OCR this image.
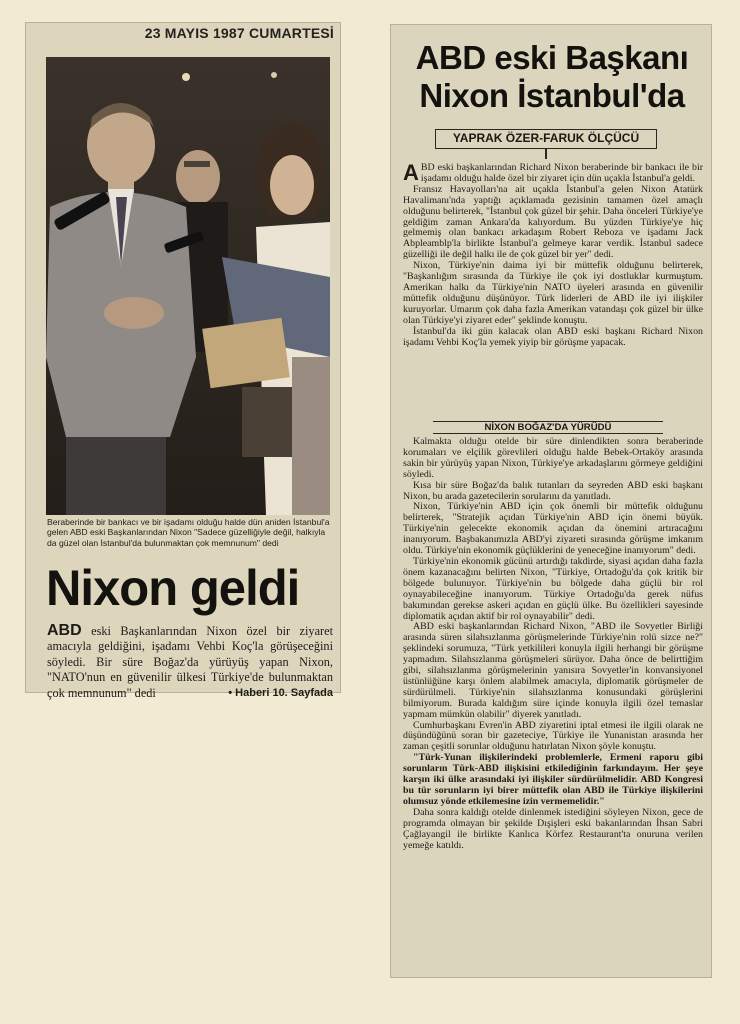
23 MAYIS 1987 CUMARTESİ
Beraberinde bir bankacı ve bir işadamı olduğu halde dün aniden İstanbul'a gelen ABD eski Başkanlarından Nixon "Sadece güzelliğiyle değil, halkıyla da güzel olan İstanbul'da bulunmaktan çok memnunum" dedi
Nixon geldi
ABD eski Başkanlarından Nixon özel bir ziyaret amacıyla geldiğini, işadamı Vehbi Koç'la görüşeceğini söyledi. Bir süre Boğaz'da yürüyüş yapan Nixon, "NATO'nun en güvenilir ülkesi Türkiye'de bulunmaktan çok memnunum" dedi	• Haberi 10. Sayfada
ABD eski Başkanı
Nixon İstanbul'da
YAPRAK ÖZER-FARUK ÖLÇÜCÜ

ABD eski başkanlarından Richard Nixon beraberinde bir bankacı ile bir işadamı olduğu halde özel bir ziyaret için dün uçakla İstanbul'a geldi.

Fransız Havayolları'na ait uçakla İstanbul'a gelen Nixon Atatürk Havalimanı'nda yaptığı açıklamada gezisinin tamamen özel amaçlı olduğunu belirterek, "İstanbul çok güzel bir şehir. Daha önceleri Türkiye'ye geldiğim zaman Ankara'da kalıyordum. Bu yüzden Türkiye'ye hiç gelmemiş olan bankacı arkadaşım Robert Reboza ve işadamı Jack Abpleamblp'la birlikte İstanbul'a gelmeye karar verdik. İstanbul sadece güzelliği ile değil halkı ile de çok güzel bir yer" dedi.

Nixon, Türkiye'nin daima iyi bir müttefik olduğunu belirterek, "Başkanlığım sırasında da Türkiye ile çok iyi dostluklar kurmuştum. Amerikan halkı da Türkiye'nin NATO üyeleri arasında en güvenilir müttefik olduğunu düşünüyor. Türk liderleri de ABD ile iyi ilişkiler kuruyorlar. Umarım çok daha fazla Amerikan vatandaşı çok güzel bir ülke olan Türkiye'yi ziyaret eder" şeklinde konuştu.

İstanbul'da iki gün kalacak olan ABD eski başkanı Richard Nixon işadamı Vehbi Koç'la yemek yiyip bir görüşme yapacak.

NİXON BOĞAZ'DA YÜRÜDÜ

Kalmakta olduğu otelde bir süre dinlendikten sonra beraberinde korumaları ve elçilik görevlileri olduğu halde Bebek-Ortaköy arasında sakin bir yürüyüş yapan Nixon, Türkiye'ye arkadaşlarını görmeye geldiğini söyledi.

Kısa bir süre Boğaz'da balık tutanları da seyreden ABD eski başkanı Nixon, bu arada gazetecilerin sorularını da yanıtladı.

Nixon, Türkiye'nin ABD için çok önemli bir müttefik olduğunu belirterek, "Stratejik açıdan Türkiye'nin ABD için önemi büyük. Türkiye'nin gelecekte ekonomik açıdan da önemini artıracağını inanıyorum. Başbakanımızla ABD'yi ziyareti sırasında görüşme imkanım oldu. Türkiye'nin ekonomik güçlüklerini de yeneceğine inanıyorum" dedi.

Türkiye'nin ekonomik gücünü artırdığı takdirde, siyasi açıdan daha fazla önem kazanacağını belirten Nixon, "Türkiye, Ortadoğu'da çok kritik bir bölgede bulunuyor. Türkiye'nin bu bölgede daha güçlü bir rol oynayabileceğine inanıyorum. Türkiye Ortadoğu'da gerek nüfus bakımından gerekse askeri açıdan en güçlü ülke. Bu özellikleri sayesinde diplomatik açıdan aktif bir rol oynayabilir" dedi.

ABD eski başkanlarından Richard Nixon, "ABD ile Sovyetler Birliği arasında süren silahsızlanma görüşmelerinde Türkiye'nin rolü sizce ne?" şeklindeki sorumuza, "Türk yetkilileri konuyla ilgili herhangi bir görüşme yapmadım. Silahsızlanma görüşmeleri sürüyor. Daha önce de belirttiğim gibi, silahsızlanma görüşmelerinin yanısıra Sovyetler'in konvansiyonel üstünlüğüne karşı önlem alabilmek amacıyla, diplomatik görüşmeler de sürdürülmeli. Türkiye'nin silahsızlanma konusundaki görüşlerini bilmiyorum. Burada kaldığım süre içinde konuyla ilgili özel temaslar yapmam mümkün olabilir" diyerek yanıtladı.

Cumhurbaşkanı Evren'in ABD ziyaretini iptal etmesi ile ilgili olarak ne düşündüğünü soran bir gazeteciye, Türkiye ile Yunanistan arasında her zaman çeşitli sorunlar olduğunu hatırlatan Nixon şöyle konuştu.

"Türk-Yunan ilişkilerindeki problemlerle, Ermeni raporu gibi sorunların Türk-ABD ilişkisini etkilediğinin farkındayım. Her şeye karşın iki ülke arasındaki iyi ilişkiler sürdürülmelidir. ABD Kongresi bu tür sorunların iyi birer müttefik olan ABD ile Türkiye ilişkilerini olumsuz yönde etkilemesine izin vermemelidir."

Daha sonra kaldığı otelde dinlenmek istediğini söyleyen Nixon, gece de programda olmayan bir şekilde Dışişleri eski bakanlarından İhsan Sabri Çağlayangil ile birlikte Kanlıca Körfez Restaurant'ta onuruna verilen yemeğe katıldı.
